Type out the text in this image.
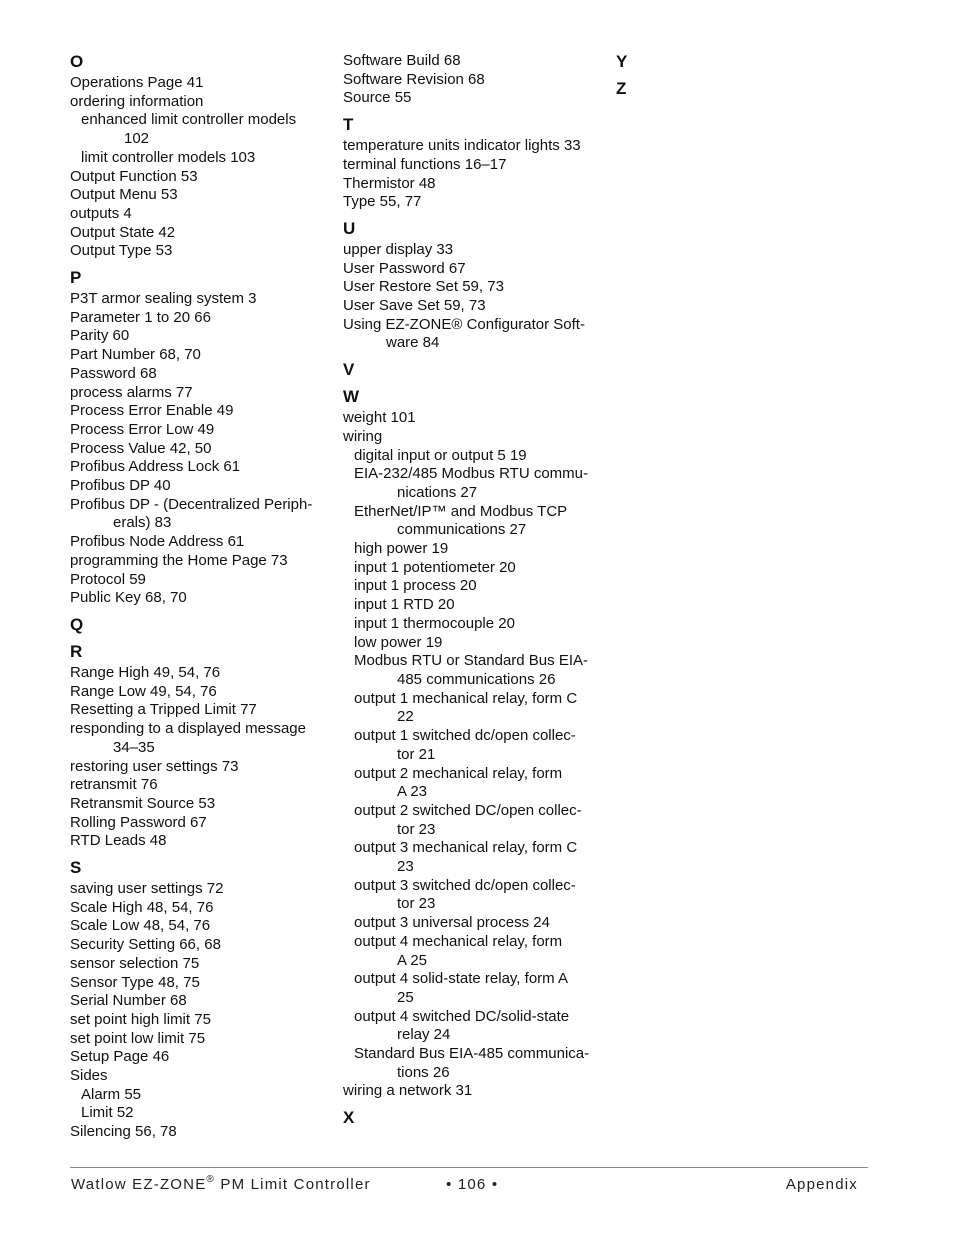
O
Operations Page 41
ordering information
enhanced limit controller models
102
limit controller models 103
Output Function 53
Output Menu 53
outputs 4
Output State 42
Output Type 53
P
P3T armor sealing system 3
Parameter 1 to 20 66
Parity 60
Part Number 68, 70
Password 68
process alarms 77
Process Error Enable 49
Process Error Low 49
Process Value 42, 50
Profibus Address Lock 61
Profibus DP 40
Profibus DP - (Decentralized Periph-
erals) 83
Profibus Node Address 61
programming the Home Page 73
Protocol 59
Public Key 68, 70
Q
R
Range High 49, 54, 76
Range Low 49, 54, 76
Resetting a Tripped Limit 77
responding to a displayed message
34–35
restoring user settings 73
retransmit 76
Retransmit Source 53
Rolling Password 67
RTD Leads 48
S
saving user settings 72
Scale High 48, 54, 76
Scale Low 48, 54, 76
Security Setting 66, 68
sensor selection 75
Sensor Type 48, 75
Serial Number 68
set point high limit 75
set point low limit 75
Setup Page 46
Sides
Alarm 55
Limit 52
Silencing 56, 78
Software Build 68
Software Revision 68
Source 55
T
temperature units indicator lights 33
terminal functions 16–17
Thermistor 48
Type 55, 77
U
upper display 33
User Password 67
User Restore Set 59, 73
User Save Set 59, 73
Using EZ-ZONE® Configurator Soft-
ware 84
V
W
weight 101
wiring
digital input or output 5 19
EIA-232/485 Modbus RTU commu-
nications 27
EtherNet/IP™ and Modbus TCP
communications 27
high power 19
input 1 potentiometer 20
input 1 process 20
input 1 RTD 20
input 1 thermocouple 20
low power 19
Modbus RTU or Standard Bus EIA-
485 communications 26
output 1 mechanical relay, form C
22
output 1 switched dc/open collec-
tor 21
output 2 mechanical relay, form
A 23
output 2 switched DC/open collec-
tor 23
output 3 mechanical relay, form C
23
output 3 switched dc/open collec-
tor 23
output 3 universal process 24
output 4 mechanical relay, form
A 25
output 4 solid-state relay, form A
25
output 4 switched DC/solid-state
relay 24
Standard Bus EIA-485 communica-
tions 26
wiring a network 31
X
Y
Z
Watlow EZ-ZONE® PM Limit Controller	• 106 •	Appendix
